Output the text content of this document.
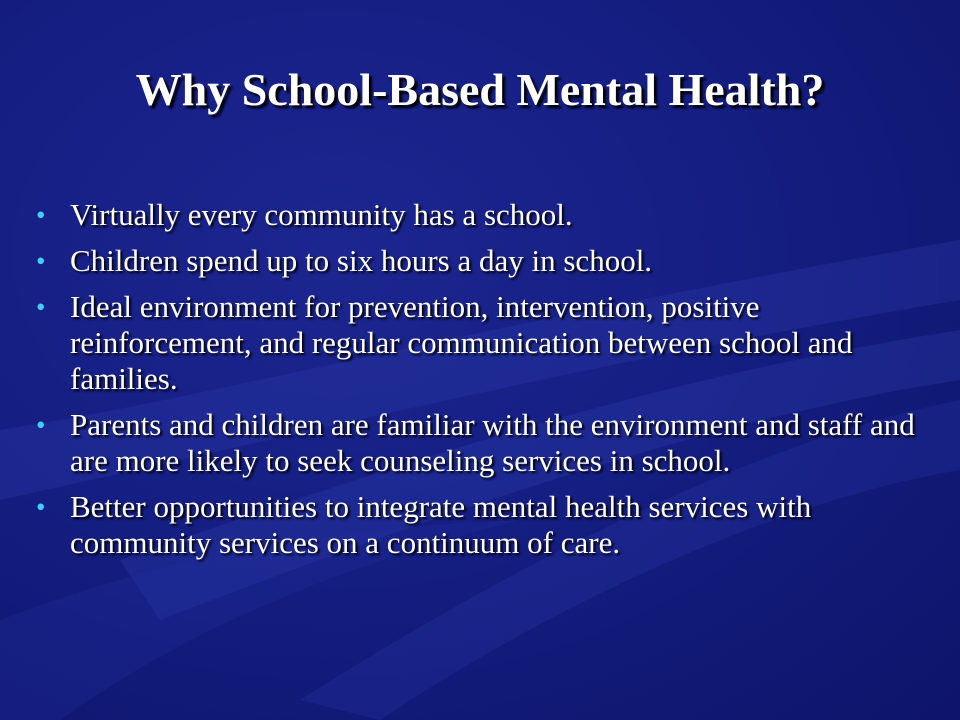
Why School-Based Mental Health?
• Virtually every community has a school.
• Children spend up to six hours a day in school.
• Ideal environment for prevention, intervention, positive reinforcement, and regular communication between school and families.
• Parents and children are familiar with the environment and staff and are more likely to seek counseling services in school.
• Better opportunities to integrate mental health services with community services on a continuum of care.
